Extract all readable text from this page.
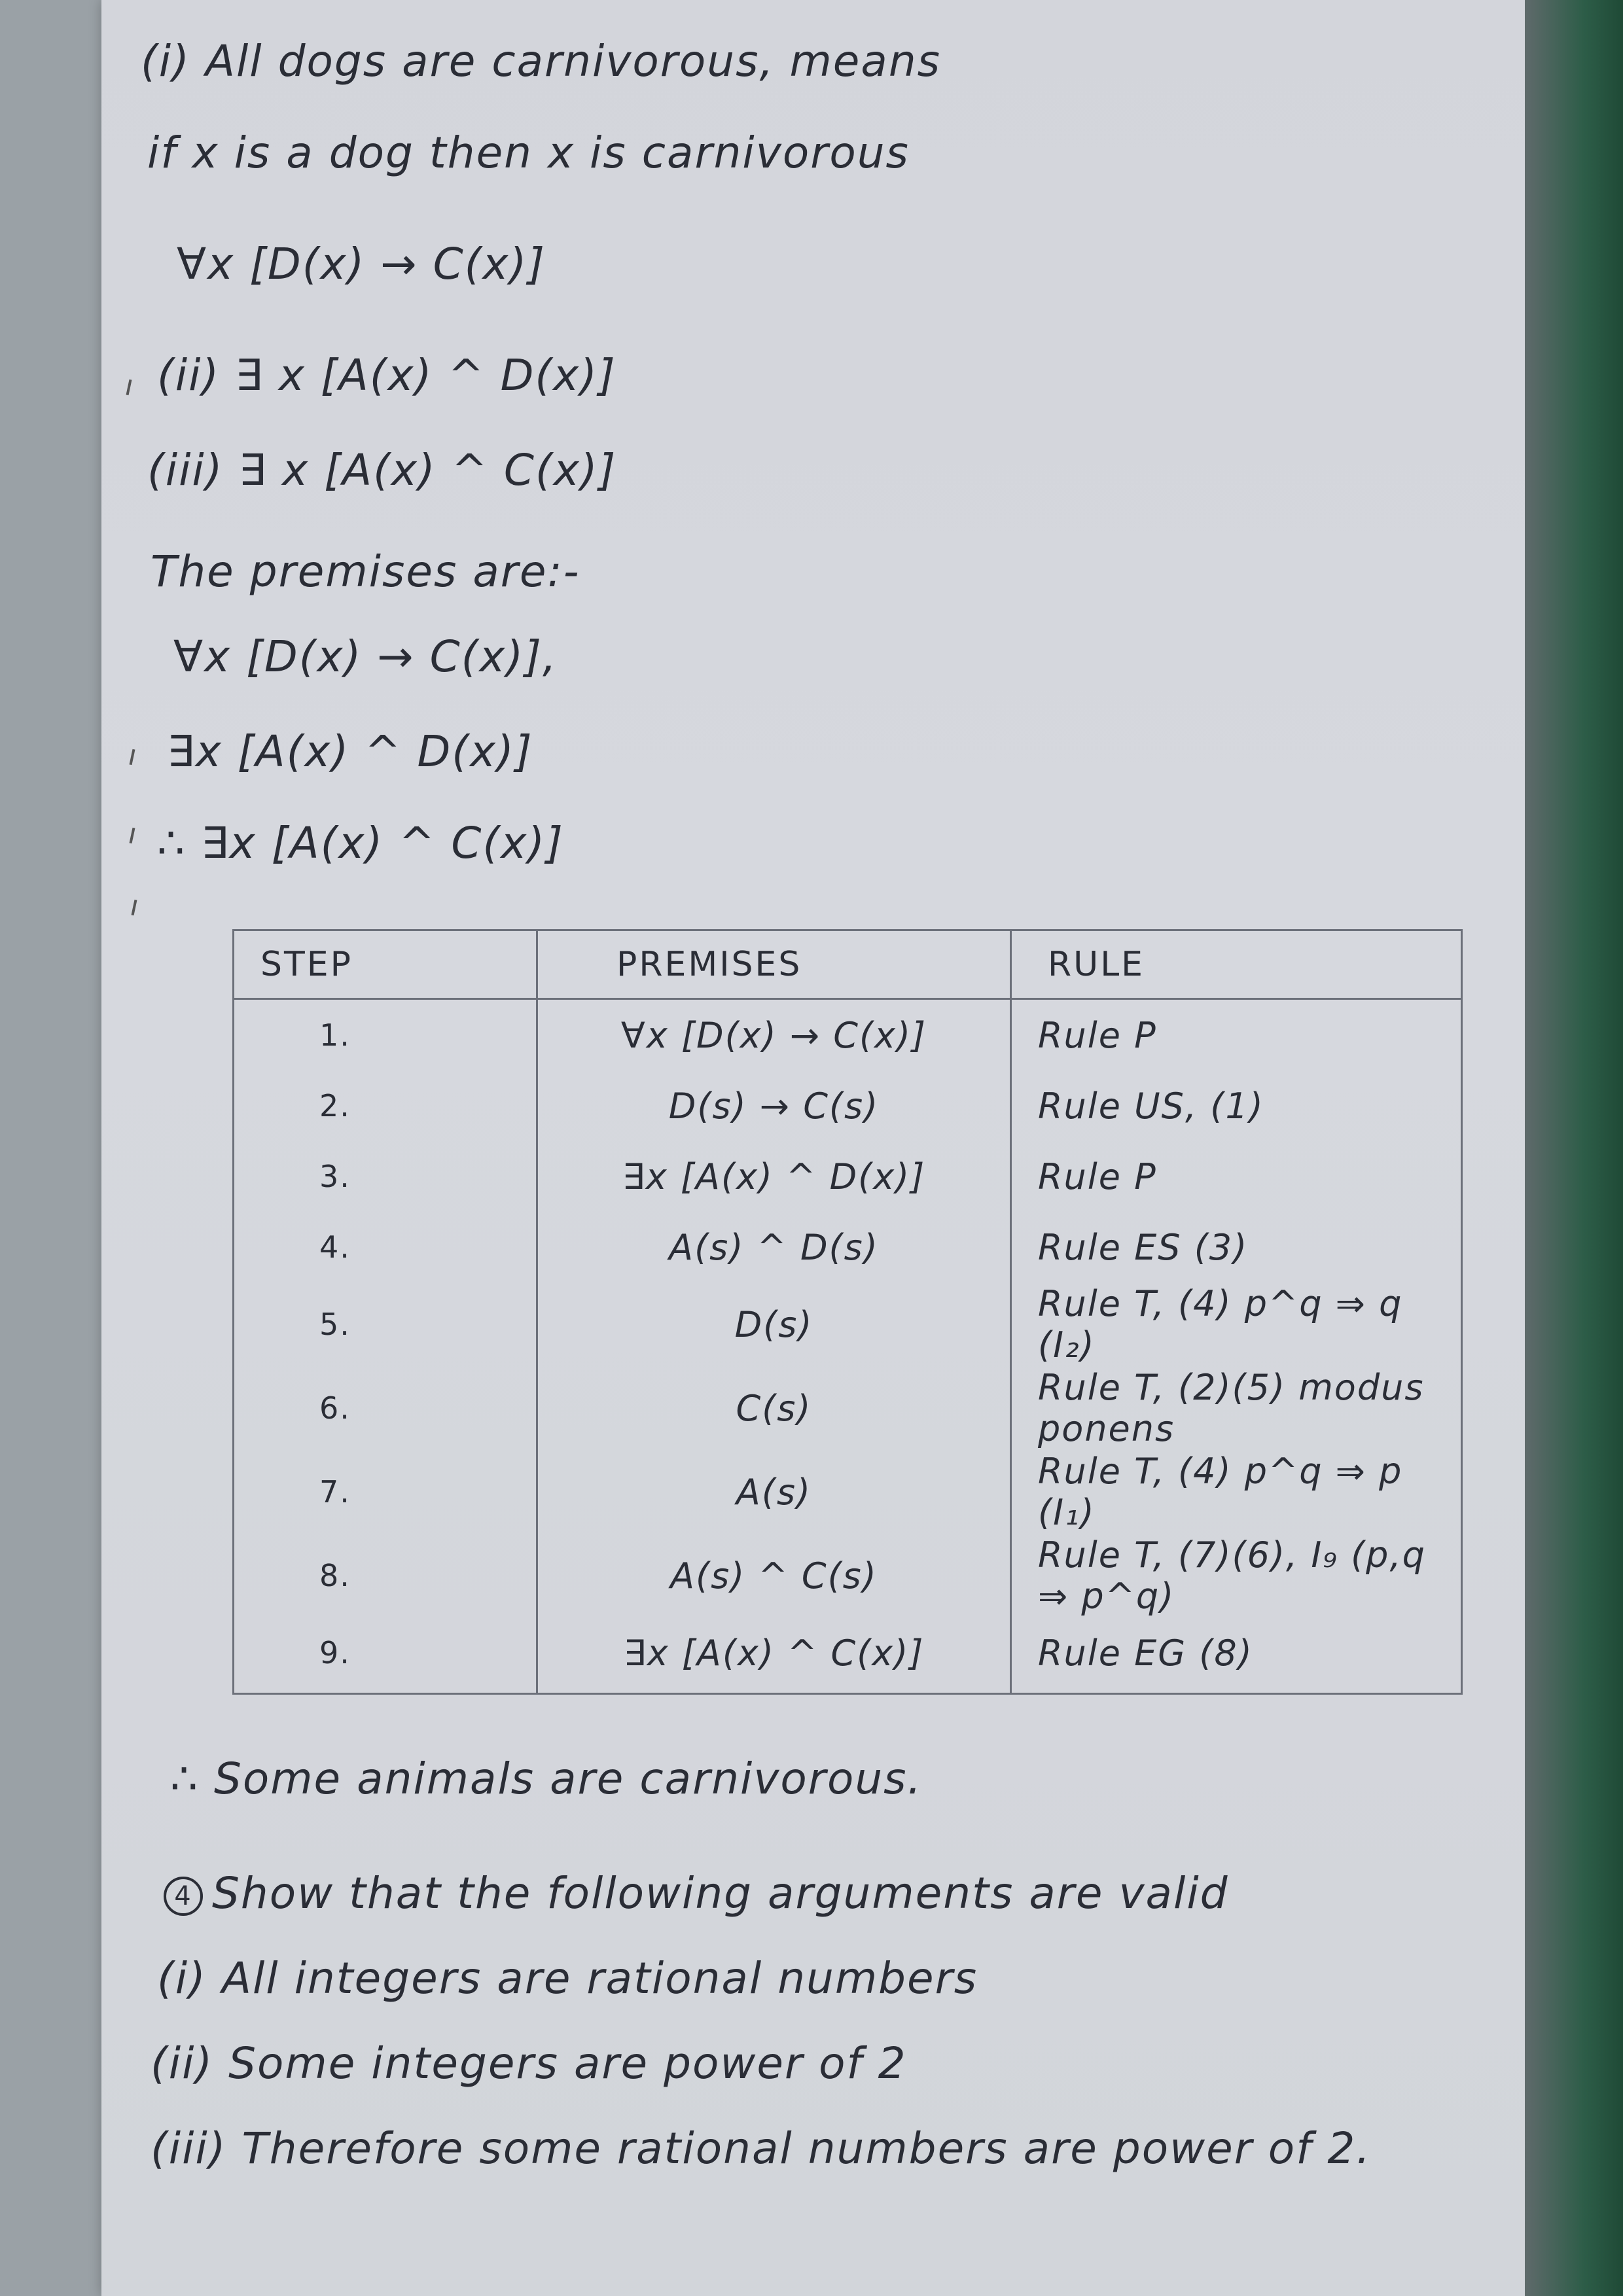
(i) All dogs are carnivorous, means
if x is a dog then x is carnivorous
∀x [D(x) → C(x)]
(ii) ∃ x [A(x) ^ D(x)]
(iii) ∃ x [A(x) ^ C(x)]
The premises are:-
∀x [D(x) → C(x)],
∃x [A(x) ^ D(x)]
∴ ∃x [A(x) ^ C(x)]
STEP	PREMISES	RULE
1.	∀x [D(x) → C(x)]	Rule P
2.	D(s) → C(s)	Rule US, (1)
3.	∃x [A(x) ^ D(x)]	Rule P
4.	A(s) ^ D(s)	Rule ES (3)
5.	D(s)	Rule T, (4) p^q ⇒ q (I₂)
6.	C(s)	Rule T, (2)(5) modus ponens
7.	A(s)	Rule T, (4) p^q ⇒ p (I₁)
8.	A(s) ^ C(s)	Rule T, (7)(6), I₉ (p,q ⇒ p^q)
9.	∃x [A(x) ^ C(x)]	Rule EG (8)

∴ Some animals are carnivorous.
4 Show that the following arguments are valid
(i) All integers are rational numbers
(ii) Some integers are power of 2
(iii) Therefore some rational numbers are power of 2.
